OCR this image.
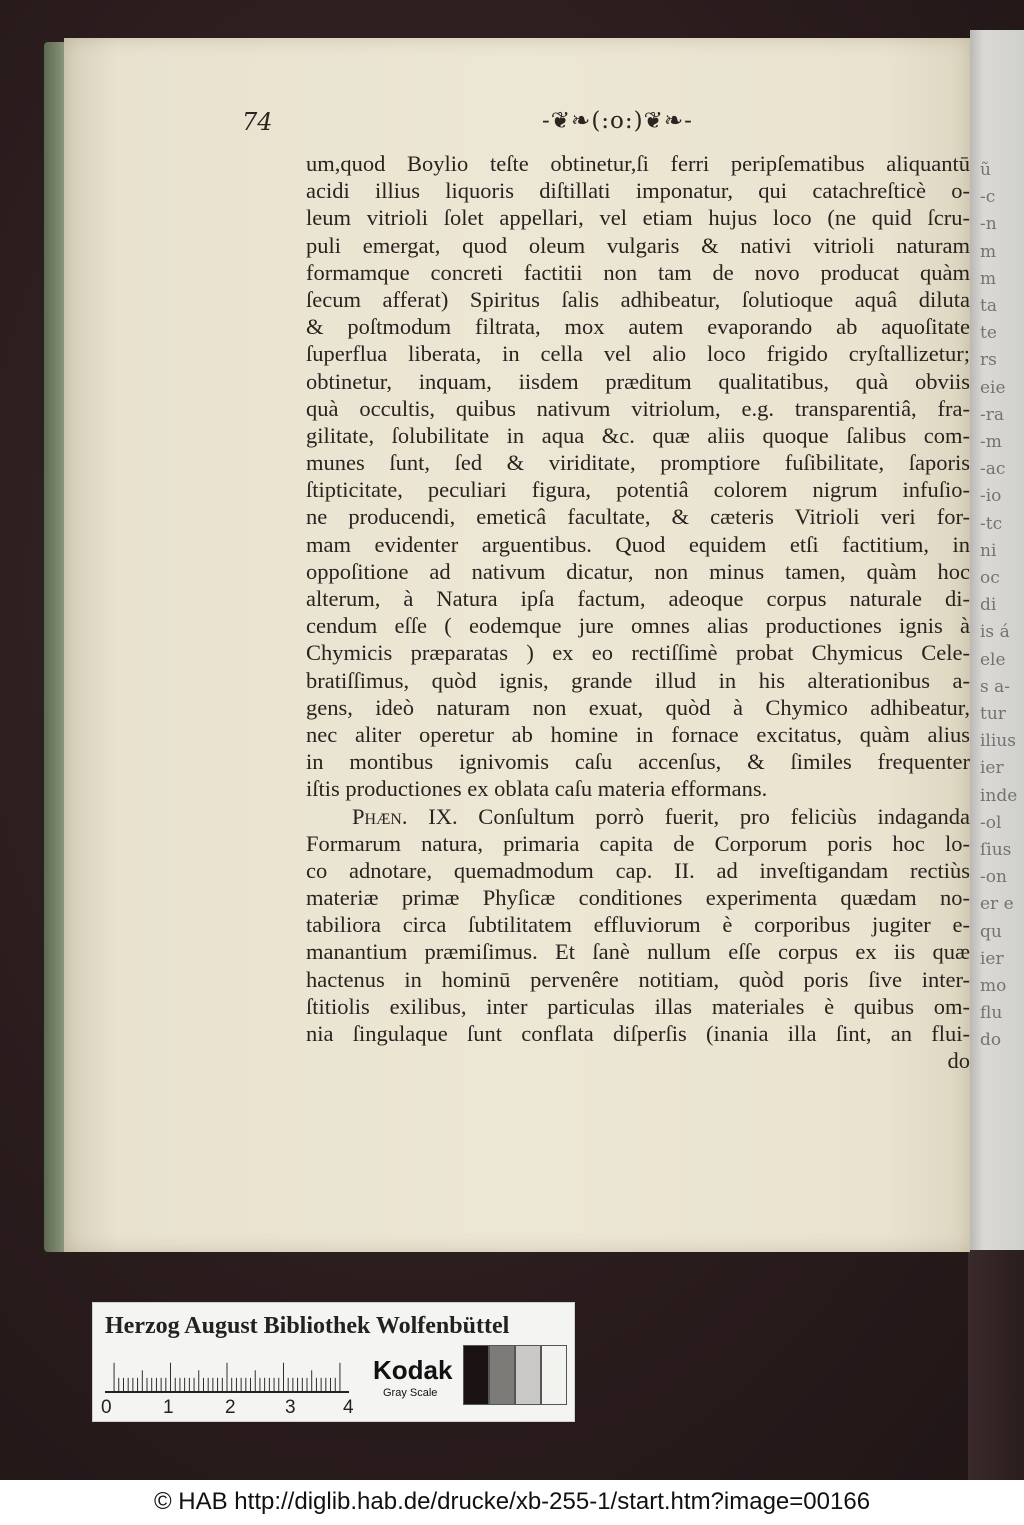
ũ
-c
-n
m
m
ta
te
rs
eie
-ra
-m
-ac
-io
-tc
ni
oc
di
is á
ele
s a-
tur
ilius
ier
inde
-ol
ſius
-on
er e
qu
ier
mo
flu
do
74	-❦❧(:o:)❦❧-
um,quod Boylio teſte obtinetur,ſi ferri peripſematibus aliquantū
acidi illius liquoris diſtillati imponatur, qui catachreſticè o-
leum vitrioli ſolet appellari, vel etiam hujus loco (ne quid ſcru-
puli emergat, quod oleum vulgaris & nativi vitrioli naturam
formamque concreti factitii non tam de novo producat quàm
ſecum afferat) Spiritus ſalis adhibeatur, ſolutioque aquâ diluta
& poſtmodum filtrata, mox autem evaporando ab aquoſitate
ſuperflua liberata, in cella vel alio loco frigido cryſtallizetur;
obtinetur, inquam, iisdem præditum qualitatibus, quà obviis
quà occultis, quibus nativum vitriolum, e.g. transparentiâ, fra-
gilitate, ſolubilitate in aqua &c. quæ aliis quoque ſalibus com-
munes ſunt, ſed & viriditate, promptiore fuſibilitate, ſaporis
ſtipticitate, peculiari figura, potentiâ colorem nigrum infuſio-
ne producendi, emeticâ facultate, & cæteris Vitrioli veri for-
mam evidenter arguentibus. Quod equidem etſi factitium, in
oppoſitione ad nativum dicatur, non minus tamen, quàm hoc
alterum, à Natura ipſa factum, adeoque corpus naturale di-
cendum eſſe ( eodemque jure omnes alias productiones ignis à
Chymicis præparatas ) ex eo rectiſſimè probat Chymicus Cele-
bratiſſimus, quòd ignis, grande illud in his alterationibus a-
gens, ideò naturam non exuat, quòd à Chymico adhibeatur,
nec aliter operetur ab homine in fornace excitatus, quàm alius
in montibus ignivomis caſu accenſus, & ſimiles frequenter
iſtis productiones ex oblata caſu materia efformans.
Phæn. IX. Conſultum porrò fuerit, pro feliciùs indaganda
Formarum natura, primaria capita de Corporum poris hoc lo-
co adnotare, quemadmodum cap. II. ad inveſtigandam rectiùs
materiæ primæ Phyſicæ conditiones experimenta quædam no-
tabiliora circa ſubtilitatem effluviorum è corporibus jugiter e-
manantium præmiſimus. Et ſanè nullum eſſe corpus ex iis quæ
hactenus in hominū pervenêre notitiam, quòd poris ſive inter-
ſtitiolis exilibus, inter particulas illas materiales è quibus om-
nia ſingulaque ſunt conflata diſperſis (inania illa ſint, an flui-
do
Herzog August Bibliothek Wolfenbüttel
0	1	2	3 4
Kodak
Gray Scale
© HAB http://diglib.hab.de/drucke/xb-255-1/start.htm?image=00166
